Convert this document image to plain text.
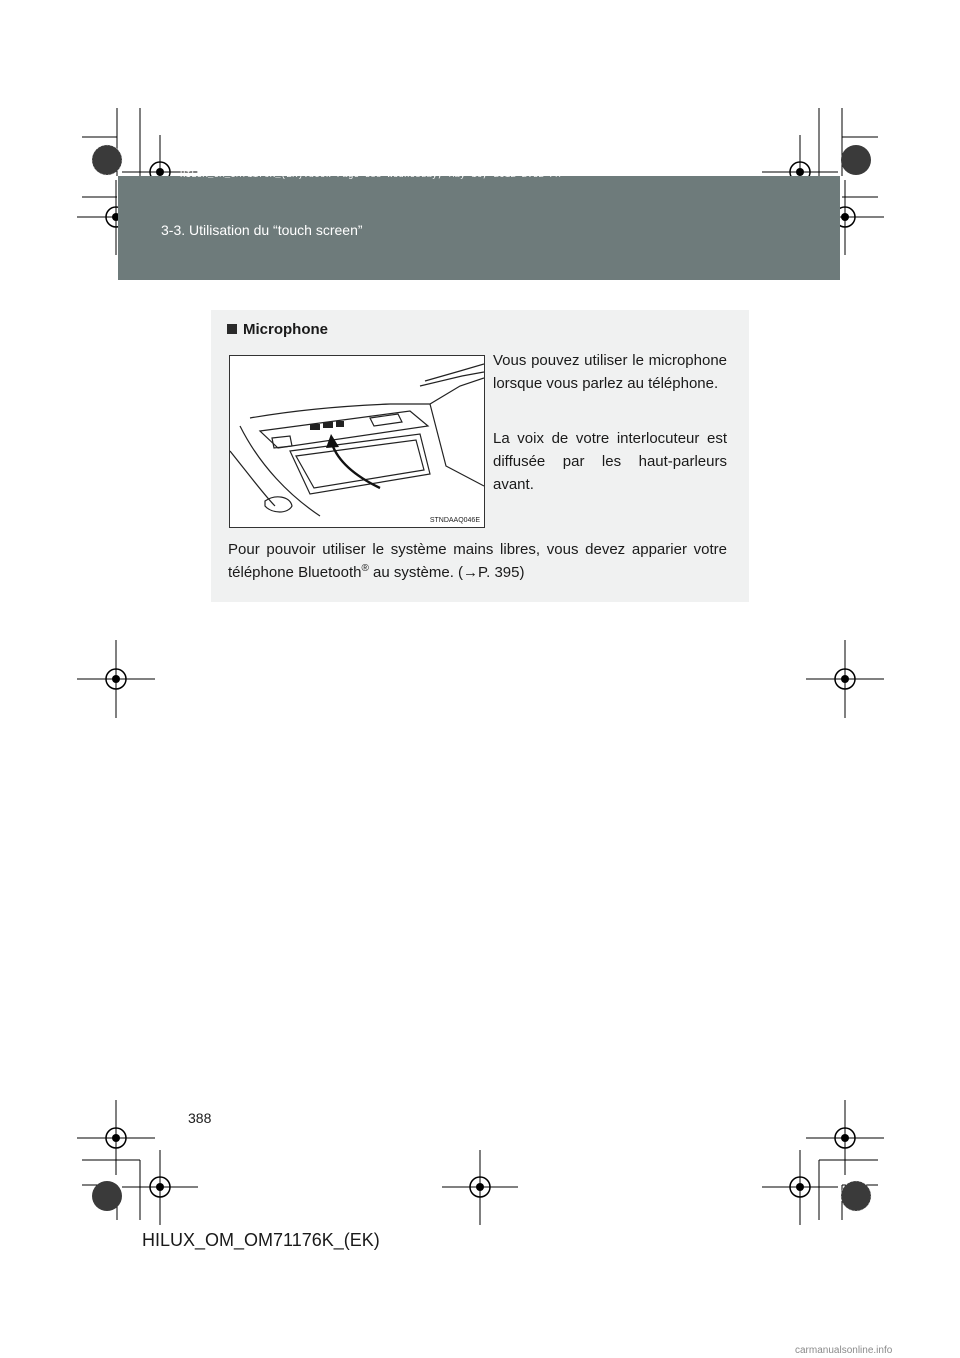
HILUX_OM_OM71176K_(EK).book Page 388 Wednesday, May 16, 2012 2:32 PM
3-3. Utilisation du “touch screen”
Microphone
STNDAAQ046E
Vous pouvez utiliser le microphone lorsque vous parlez au téléphone.
La voix de votre interlocuteur est diffusée par les haut-parleurs avant.
Pour pouvoir utiliser le système mains libres, vous devez apparier votre téléphone Bluetooth® au système. (→P. 395)
388
HILUX_OM_OM71176K_(EK)
carmanualsonline.info
